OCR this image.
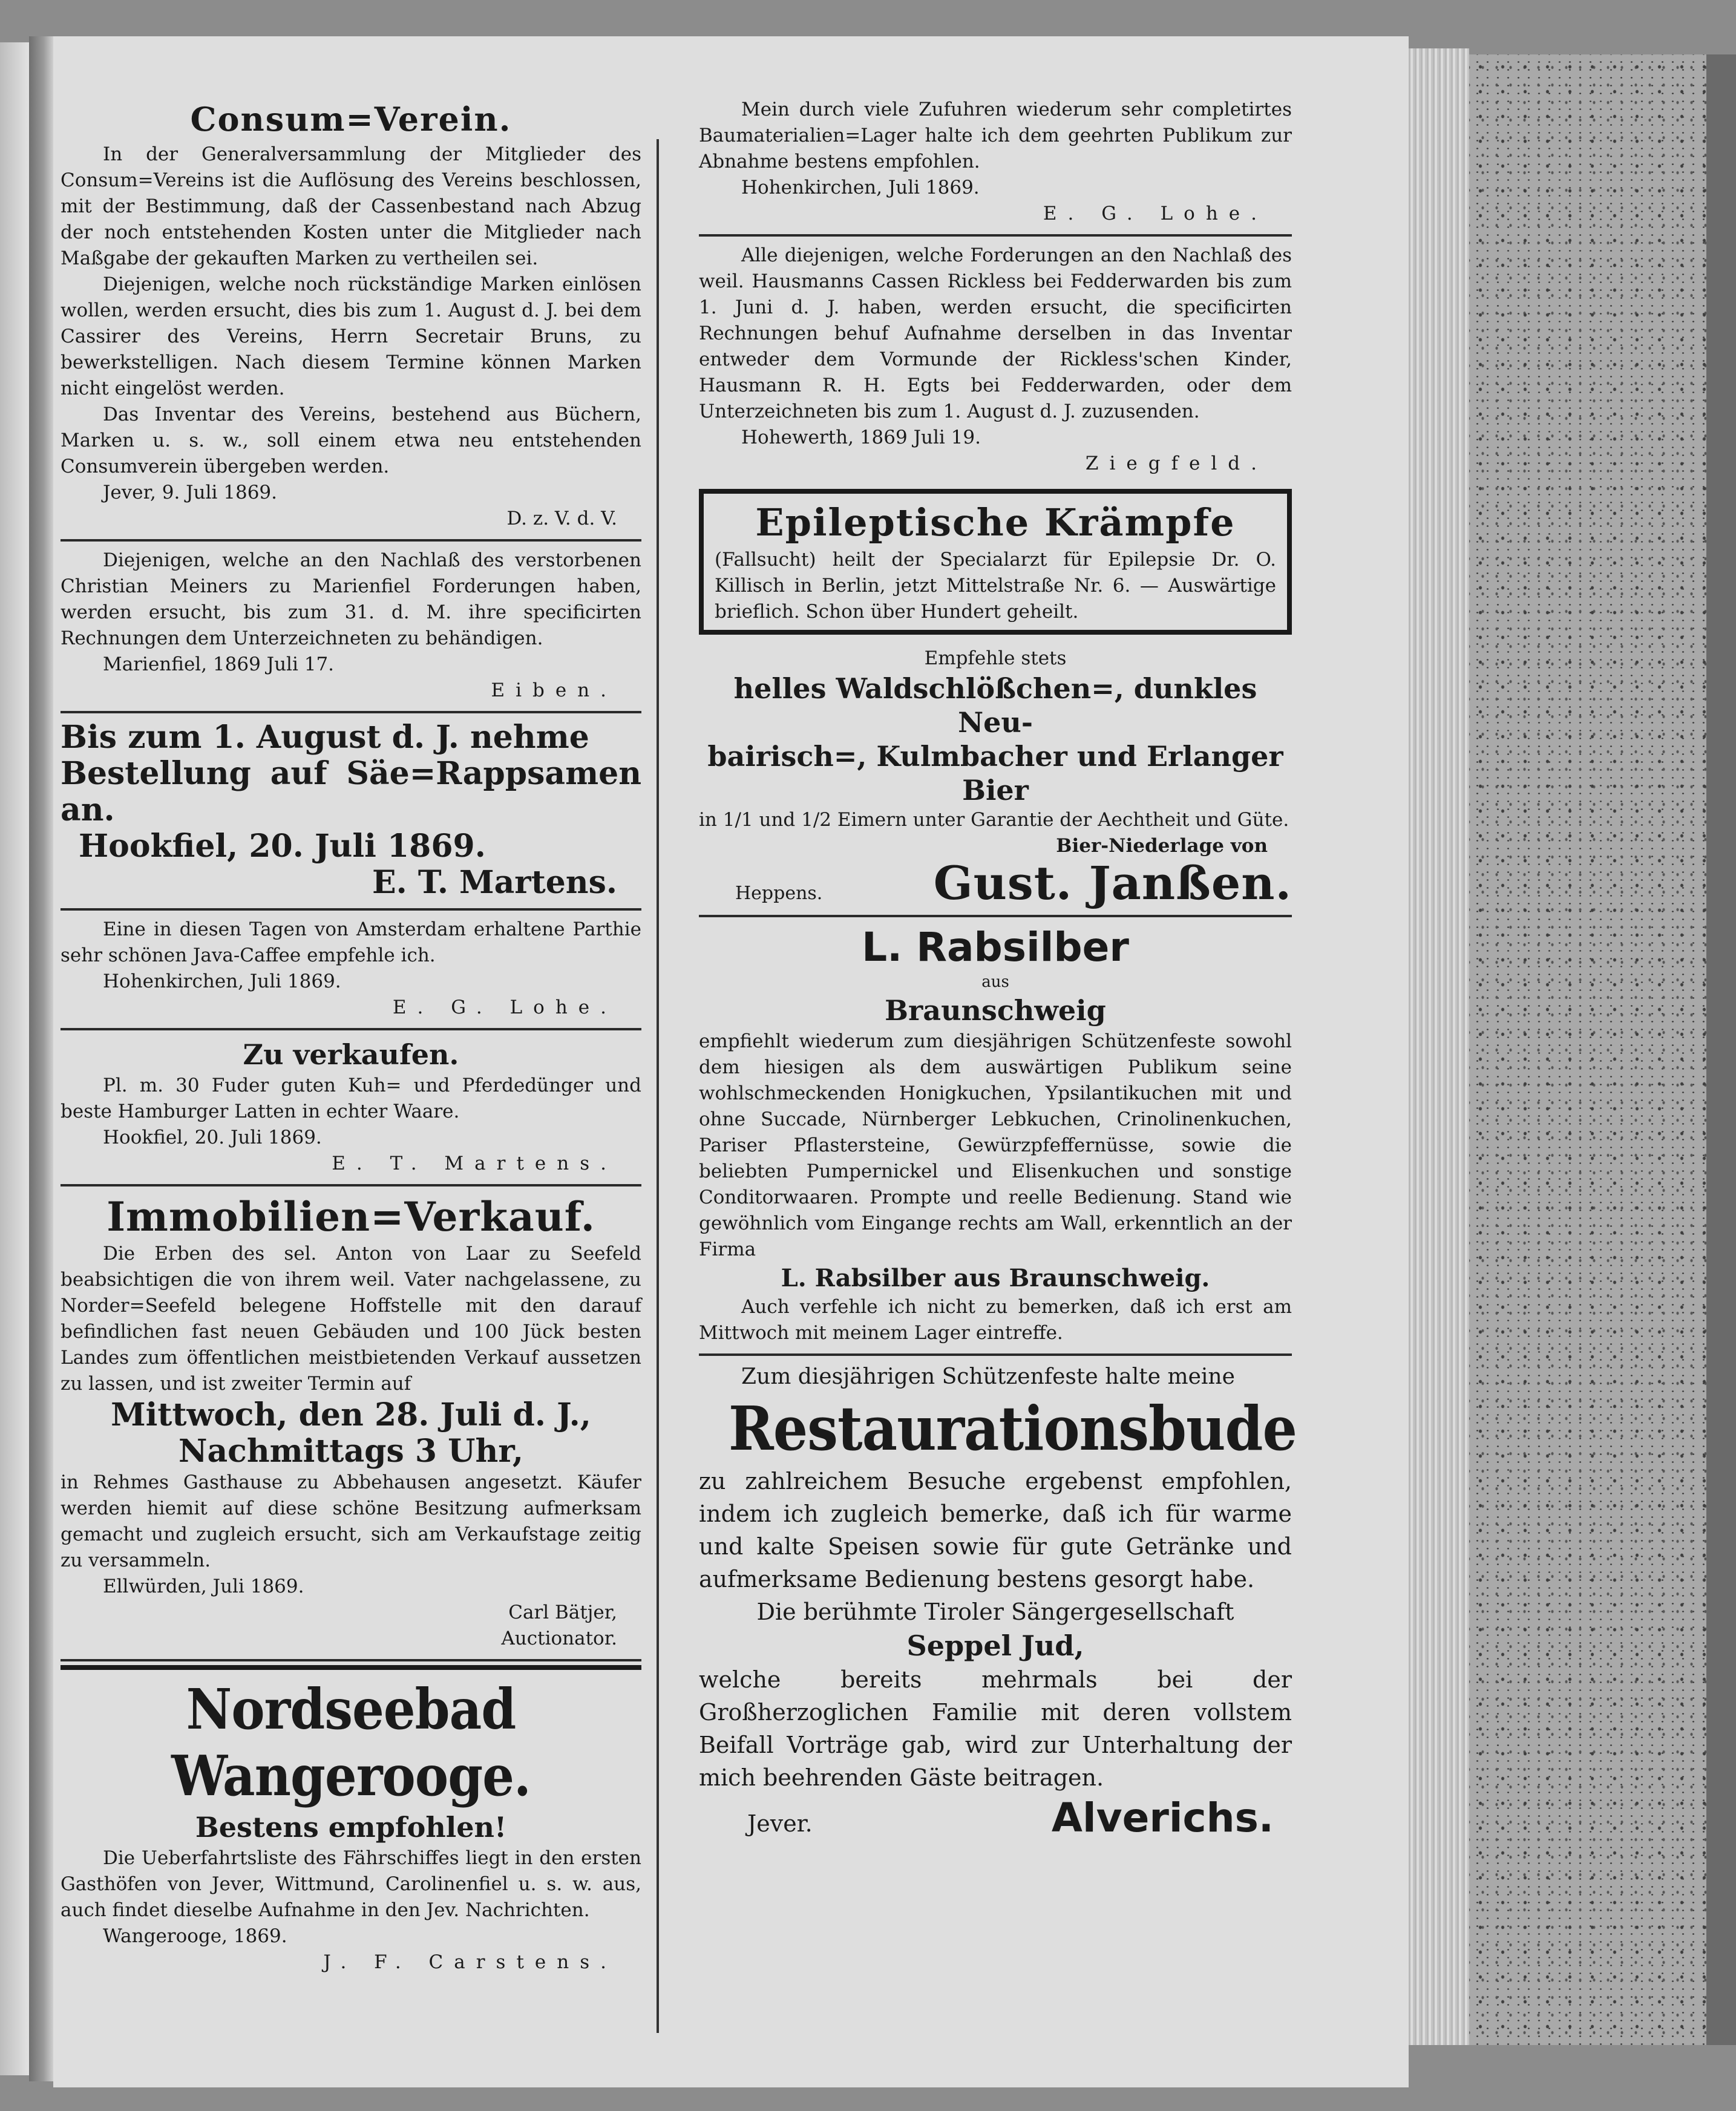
Consum=Verein.

In der Generalversammlung der Mitglieder des Consum=Vereins ist die Auflösung des Vereins beschlossen, mit der Bestimmung, daß der Cassenbestand nach Abzug der noch entstehenden Kosten unter die Mitglieder nach Maßgabe der gekauften Marken zu vertheilen sei.

Diejenigen, welche noch rückständige Marken einlösen wollen, werden ersucht, dies bis zum 1. August d. J. bei dem Cassirer des Vereins, Herrn Secretair Bruns, zu bewerkstelligen. Nach diesem Termine können Marken nicht eingelöst werden.

Das Inventar des Vereins, bestehend aus Büchern, Marken u. s. w., soll einem etwa neu entstehenden Consumverein übergeben werden.

Jever, 9. Juli 1869.

D. z. V. d. V.

Diejenigen, welche an den Nachlaß des verstorbenen Christian Meiners zu Marienfiel Forderungen haben, werden ersucht, bis zum 31. d. M. ihre specificirten Rechnungen dem Unterzeichneten zu behändigen.

Marienfiel, 1869 Juli 17.

Eiben.

Bis zum 1. August d. J. nehme

Bestellung auf Säe=Rappsamen an.

Hookfiel, 20. Juli 1869.

E. T. Martens.

Eine in diesen Tagen von Amsterdam erhaltene Parthie sehr schönen Java-Caffee empfehle ich.

Hohenkirchen, Juli 1869.

E. G. Lohe.

Zu verkaufen.

Pl. m. 30 Fuder guten Kuh= und Pferdedünger und beste Hamburger Latten in echter Waare.

Hookfiel, 20. Juli 1869.

E. T. Martens.

Immobilien=Verkauf.

Die Erben des sel. Anton von Laar zu Seefeld beabsichtigen die von ihrem weil. Vater nachgelassene, zu Norder=Seefeld belegene Hoffstelle mit den darauf befindlichen fast neuen Gebäuden und 100 Jück besten Landes zum öffentlichen meistbietenden Verkauf aussetzen zu lassen, und ist zweiter Termin auf

Mittwoch, den 28. Juli d. J.,

Nachmittags 3 Uhr,

in Rehmes Gasthause zu Abbehausen angesetzt. Käufer werden hiemit auf diese schöne Besitzung aufmerksam gemacht und zugleich ersucht, sich am Verkaufstage zeitig zu versammeln.

Ellwürden, Juli 1869.

Carl Bätjer,

Auctionator.

Nordseebad Wangerooge.
Bestens empfohlen!

Die Ueberfahrtsliste des Fährschiffes liegt in den ersten Gasthöfen von Jever, Wittmund, Carolinenfiel u. s. w. aus, auch findet dieselbe Aufnahme in den Jev. Nachrichten.

Wangerooge, 1869.

J. F. Carstens.

Mein durch viele Zufuhren wiederum sehr completirtes Baumaterialien=Lager halte ich dem geehrten Publikum zur Abnahme bestens empfohlen.

Hohenkirchen, Juli 1869.

E. G. Lohe.

Alle diejenigen, welche Forderungen an den Nachlaß des weil. Hausmanns Cassen Rickless bei Fedderwarden bis zum 1. Juni d. J. haben, werden ersucht, die specificirten Rechnungen behuf Aufnahme derselben in das Inventar entweder dem Vormunde der Rickless'schen Kinder, Hausmann R. H. Egts bei Fedderwarden, oder dem Unterzeichneten bis zum 1. August d. J. zuzusenden.

Hohewerth, 1869 Juli 19.

Ziegfeld.

Epileptische Krämpfe

(Fallsucht) heilt der Specialarzt für Epilepsie Dr. O. Killisch in Berlin, jetzt Mittelstraße Nr. 6. — Auswärtige brieflich. Schon über Hundert geheilt.

Empfehle stets

helles Waldschlößchen=, dunkles Neu-

bairisch=, Kulmbacher und Erlanger

Bier

in 1/1 und 1/2 Eimern unter Garantie der Aechtheit und Güte.

Bier-Niederlage von

Heppens. Gust. Janßen.
L. Rabsilber

aus

Braunschweig

empfiehlt wiederum zum diesjährigen Schützenfeste sowohl dem hiesigen als dem auswärtigen Publikum seine wohlschmeckenden Honigkuchen, Ypsilantikuchen mit und ohne Succade, Nürnberger Lebkuchen, Crinolinenkuchen, Pariser Pflastersteine, Gewürzpfeffernüsse, sowie die beliebten Pumpernickel und Elisenkuchen und sonstige Conditorwaaren. Prompte und reelle Bedienung. Stand wie gewöhnlich vom Eingange rechts am Wall, erkenntlich an der Firma

L. Rabsilber aus Braunschweig.

Auch verfehle ich nicht zu bemerken, daß ich erst am Mittwoch mit meinem Lager eintreffe.

Zum diesjährigen Schützenfeste halte meine

Restaurationsbude

zu zahlreichem Besuche ergebenst empfohlen, indem ich zugleich bemerke, daß ich für warme und kalte Speisen sowie für gute Getränke und aufmerksame Bedienung bestens gesorgt habe.

Die berühmte Tiroler Sängergesellschaft

Seppel Jud,

welche bereits mehrmals bei der Großherzoglichen Familie mit deren vollstem Beifall Vorträge gab, wird zur Unterhaltung der mich beehrenden Gäste beitragen.

Jever.	Alverichs.
